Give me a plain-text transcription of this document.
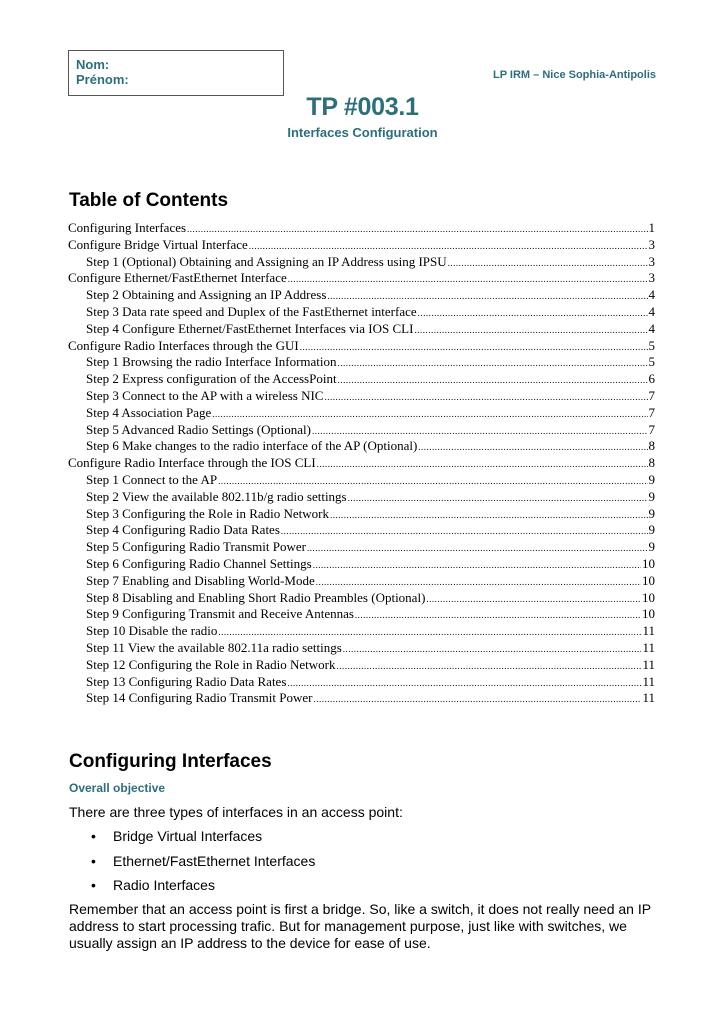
Nom:
Prénom:	LP IRM – Nice Sophia-Antipolis
TP #003.1
Interfaces Configuration
Table of Contents
Configuring Interfaces .....	1
Configure Bridge Virtual Interface .....	3
Step 1 (Optional) Obtaining and Assigning an IP Address using IPSU .....	3
Configure Ethernet/FastEthernet Interface .....	3
Step 2 Obtaining and Assigning an IP Address .....	4
Step 3 Data rate speed and Duplex of the FastEthernet interface .....	4
Step 4 Configure Ethernet/FastEthernet Interfaces via IOS CLI .....	4
Configure Radio Interfaces through the GUI .....	5
Step 1 Browsing the radio Interface Information .....	5
Step 2 Express configuration of the AccessPoint .....	6
Step 3 Connect to the AP with a wireless NIC .....	7
Step 4 Association Page .....	7
Step 5 Advanced Radio Settings (Optional) .....	7
Step 6 Make changes to the radio interface of the AP (Optional) .....	8
Configure Radio Interface through the IOS CLI .....	8
Step 1 Connect to the AP .....	9
Step 2 View the available 802.11b/g radio settings .....	9
Step 3 Configuring the Role in Radio Network .....	9
Step 4 Configuring Radio Data Rates .....	9
Step 5 Configuring Radio Transmit Power .....	9
Step 6 Configuring Radio Channel Settings .....	10
Step 7 Enabling and Disabling World-Mode .....	10
Step 8 Disabling and Enabling Short Radio Preambles (Optional) .....	10
Step 9 Configuring Transmit and Receive Antennas .....	10
Step 10 Disable the radio .....	11
Step 11 View the available 802.11a radio settings .....	11
Step 12 Configuring the Role in Radio Network .....	11
Step 13 Configuring Radio Data Rates .....	11
Step 14 Configuring Radio Transmit Power .....	11
Configuring Interfaces
Overall objective
There are three types of interfaces in an access point:
• Bridge Virtual Interfaces
• Ethernet/FastEthernet Interfaces
• Radio Interfaces
Remember that an access point is first a bridge. So, like a switch, it does not really need an IP address to start processing trafic. But for management purpose, just like with switches, we usually assign an IP address to the device for ease of use.
